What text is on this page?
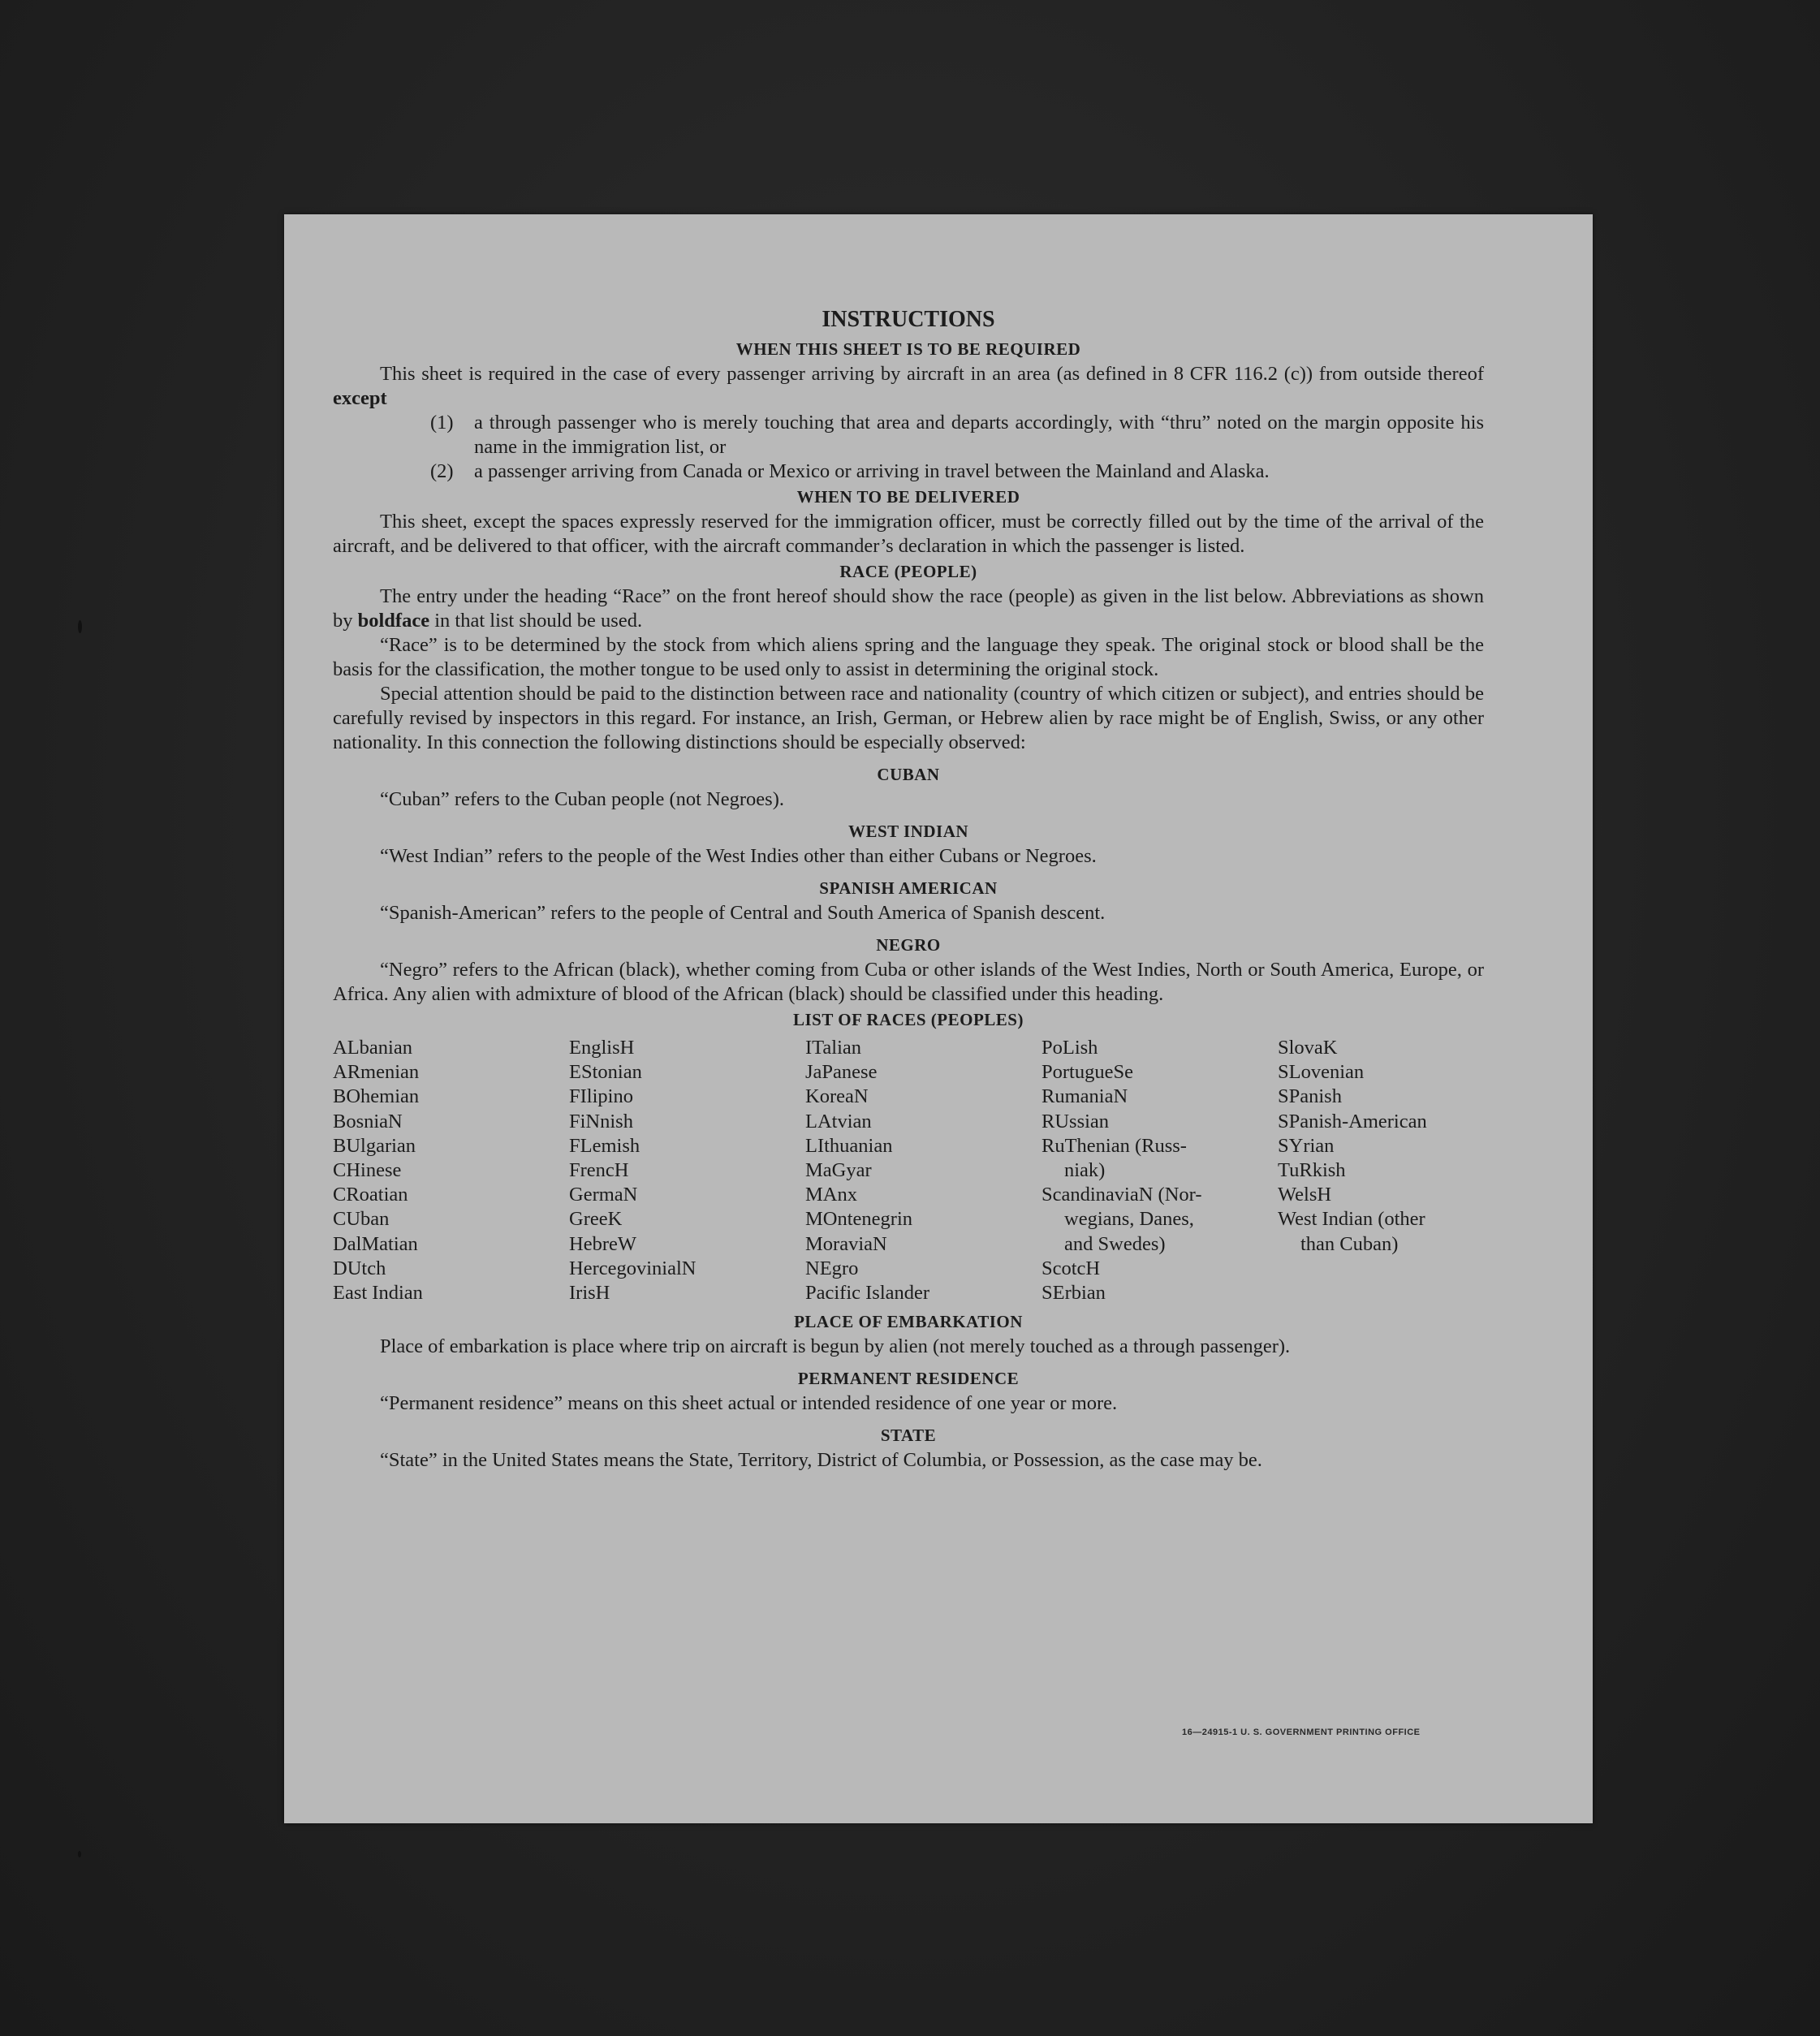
INSTRUCTIONS
WHEN THIS SHEET IS TO BE REQUIRED

This sheet is required in the case of every passenger arriving by aircraft in an area (as defined in 8 CFR 116.2 (c)) from outside thereof except

(1)	a through passenger who is merely touching that area and departs accordingly, with “thru” noted on the margin opposite his name in the immigration list, or
(2)	a passenger arriving from Canada or Mexico or arriving in travel between the Mainland and Alaska.
WHEN TO BE DELIVERED

This sheet, except the spaces expressly reserved for the immigration officer, must be correctly filled out by the time of the arrival of the aircraft, and be delivered to that officer, with the aircraft commander’s declaration in which the passenger is listed.

RACE (PEOPLE)

The entry under the heading “Race” on the front hereof should show the race (people) as given in the list below. Abbreviations as shown by boldface in that list should be used.

“Race” is to be determined by the stock from which aliens spring and the language they speak. The original stock or blood shall be the basis for the classification, the mother tongue to be used only to assist in determining the original stock.

Special attention should be paid to the distinction between race and nationality (country of which citizen or subject), and entries should be carefully revised by inspectors in this regard. For instance, an Irish, German, or Hebrew alien by race might be of English, Swiss, or any other nationality. In this connection the following distinctions should be especially observed:

CUBAN

“Cuban” refers to the Cuban people (not Negroes).

WEST INDIAN

“West Indian” refers to the people of the West Indies other than either Cubans or Negroes.

SPANISH AMERICAN

“Spanish-American” refers to the people of Central and South America of Spanish descent.

NEGRO

“Negro” refers to the African (black), whether coming from Cuba or other islands of the West Indies, North or South America, Europe, or Africa. Any alien with admixture of blood of the African (black) should be classified under this heading.

LIST OF RACES (PEOPLES)
ALbanian
ARmenian
BOhemian
BosniaN
BUlgarian
CHinese
CRoatian
CUban
DalMatian
DUtch
East Indian
EnglisH
EStonian
FIlipino
FiNnish
FLemish
FrencH
GermaN
GreeK
HebreW
HercegovinialN
IrisH
ITalian
JaPanese
KoreaN
LAtvian
LIthuanian
MaGyar
MAnx
MOntenegrin
MoraviaN
NEgro
Pacific Islander
PoLish
PortugueSe
RumaniaN
RUssian
RuThenian (Russ-
niak)
ScandinaviaN (Nor-
wegians, Danes,
and Swedes)
ScotcH
SErbian
SlovaK
SLovenian
SPanish
SPanish-American
SYrian
TuRkish
WelsH
West Indian (other
than Cuban)
PLACE OF EMBARKATION

Place of embarkation is place where trip on aircraft is begun by alien (not merely touched as a through passenger).

PERMANENT RESIDENCE

“Permanent residence” means on this sheet actual or intended residence of one year or more.

STATE

“State” in the United States means the State, Territory, District of Columbia, or Possession, as the case may be.

16—24915-1 U. S. GOVERNMENT PRINTING OFFICE
